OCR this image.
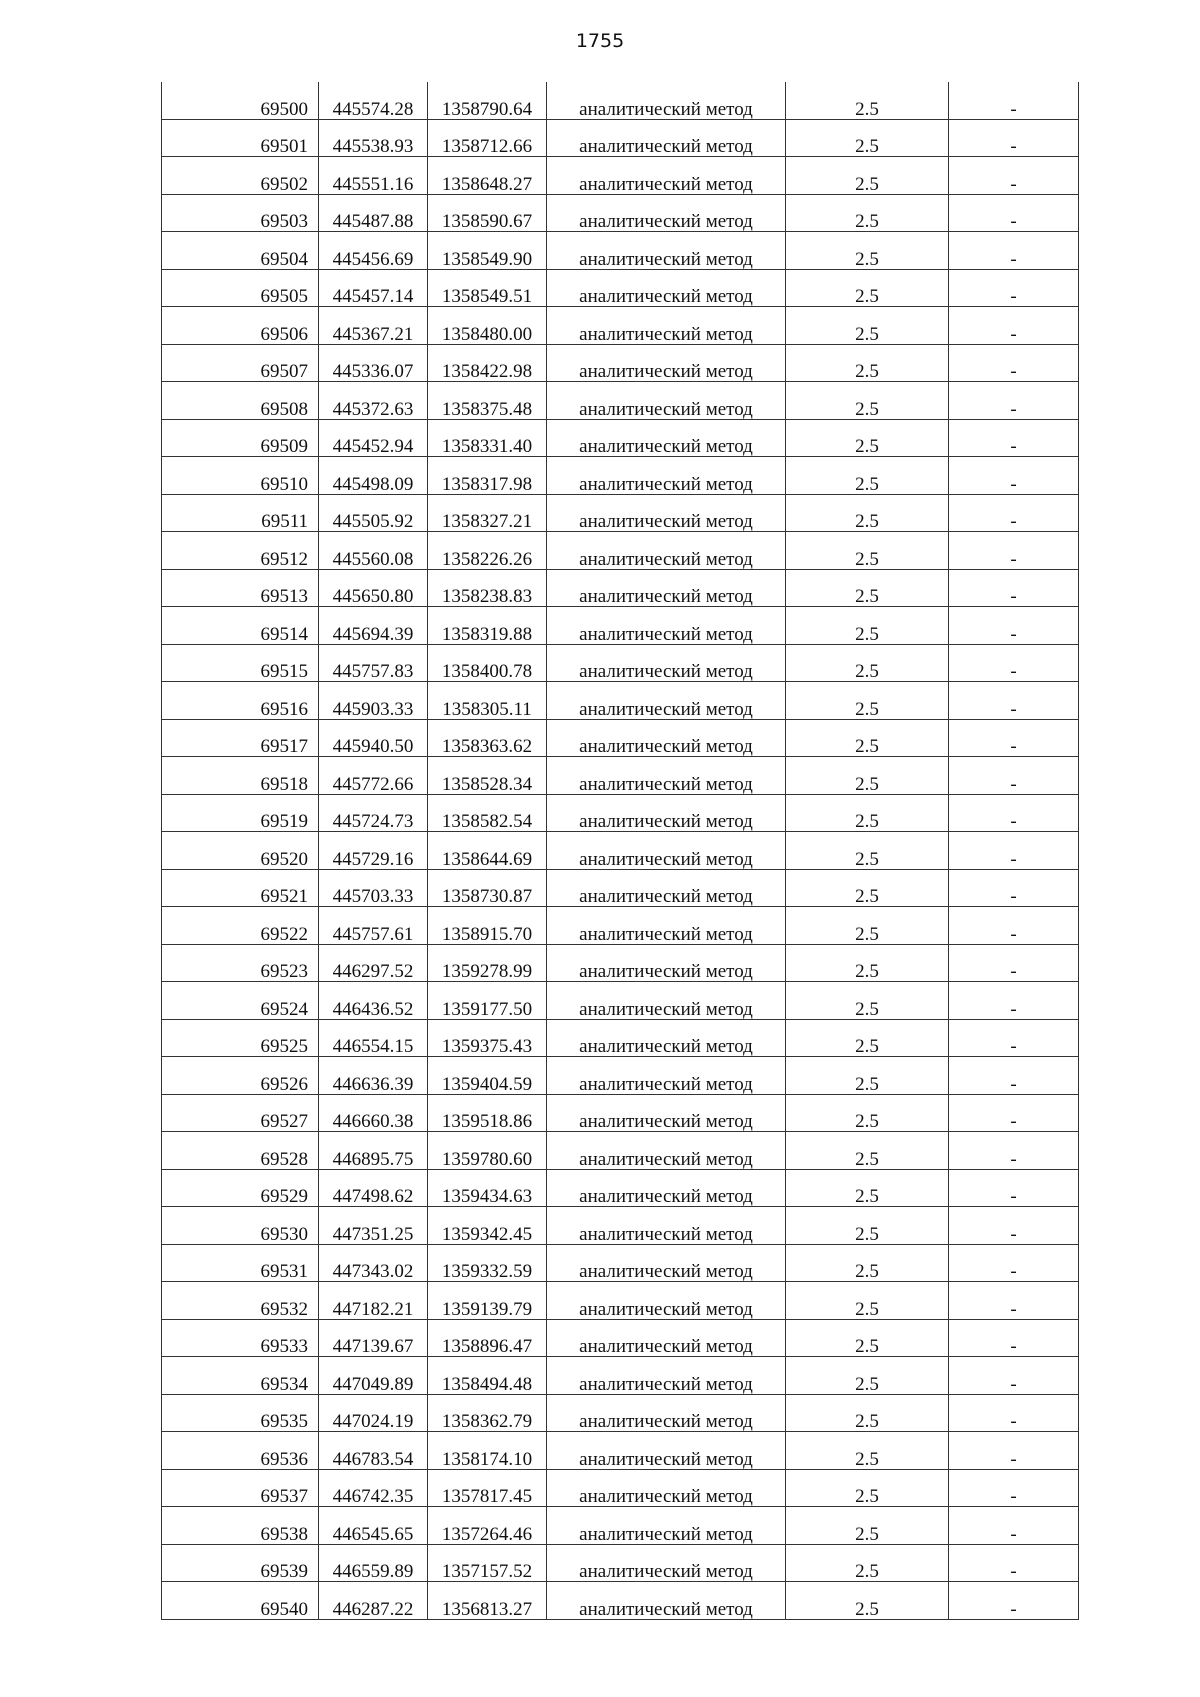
1755
69500	445574.28	1358790.64	аналитический метод	2.5	-
69501	445538.93	1358712.66	аналитический метод	2.5	-
69502	445551.16	1358648.27	аналитический метод	2.5	-
69503	445487.88	1358590.67	аналитический метод	2.5	-
69504	445456.69	1358549.90	аналитический метод	2.5	-
69505	445457.14	1358549.51	аналитический метод	2.5	-
69506	445367.21	1358480.00	аналитический метод	2.5	-
69507	445336.07	1358422.98	аналитический метод	2.5	-
69508	445372.63	1358375.48	аналитический метод	2.5	-
69509	445452.94	1358331.40	аналитический метод	2.5	-
69510	445498.09	1358317.98	аналитический метод	2.5	-
69511	445505.92	1358327.21	аналитический метод	2.5	-
69512	445560.08	1358226.26	аналитический метод	2.5	-
69513	445650.80	1358238.83	аналитический метод	2.5	-
69514	445694.39	1358319.88	аналитический метод	2.5	-
69515	445757.83	1358400.78	аналитический метод	2.5	-
69516	445903.33	1358305.11	аналитический метод	2.5	-
69517	445940.50	1358363.62	аналитический метод	2.5	-
69518	445772.66	1358528.34	аналитический метод	2.5	-
69519	445724.73	1358582.54	аналитический метод	2.5	-
69520	445729.16	1358644.69	аналитический метод	2.5	-
69521	445703.33	1358730.87	аналитический метод	2.5	-
69522	445757.61	1358915.70	аналитический метод	2.5	-
69523	446297.52	1359278.99	аналитический метод	2.5	-
69524	446436.52	1359177.50	аналитический метод	2.5	-
69525	446554.15	1359375.43	аналитический метод	2.5	-
69526	446636.39	1359404.59	аналитический метод	2.5	-
69527	446660.38	1359518.86	аналитический метод	2.5	-
69528	446895.75	1359780.60	аналитический метод	2.5	-
69529	447498.62	1359434.63	аналитический метод	2.5	-
69530	447351.25	1359342.45	аналитический метод	2.5	-
69531	447343.02	1359332.59	аналитический метод	2.5	-
69532	447182.21	1359139.79	аналитический метод	2.5	-
69533	447139.67	1358896.47	аналитический метод	2.5	-
69534	447049.89	1358494.48	аналитический метод	2.5	-
69535	447024.19	1358362.79	аналитический метод	2.5	-
69536	446783.54	1358174.10	аналитический метод	2.5	-
69537	446742.35	1357817.45	аналитический метод	2.5	-
69538	446545.65	1357264.46	аналитический метод	2.5	-
69539	446559.89	1357157.52	аналитический метод	2.5	-
69540	446287.22	1356813.27	аналитический метод	2.5	-
